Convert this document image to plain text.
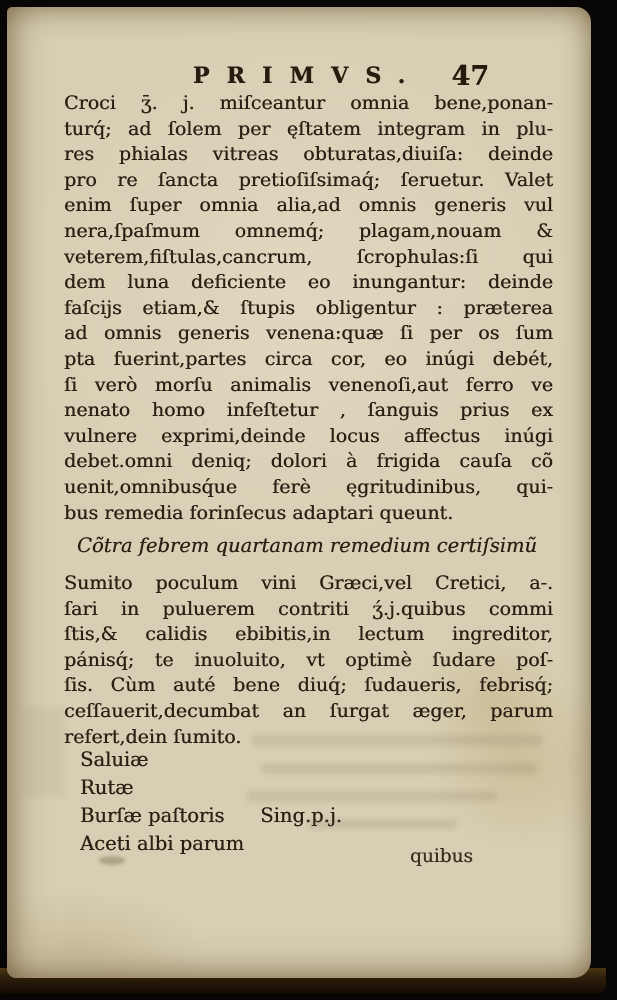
PRIMVS.	47
Croci ʒ̄. j. miſceantur omnia bene,ponan-
turq́; ad ſolem per ęſtatem integram in plu-
res phialas vitreas obturatas,diuiſa: deinde
pro re ſancta pretioſiſsimaq́; ſeruetur. Valet
enim ſuper omnia alia,ad omnis generis vul
nera,ſpaſmum omnemq́; plagam,nouam &
veterem,fiſtulas,cancrum, ſcrophulas:ſi qui
dem luna deficiente eo inungantur: deinde
faſcijs etiam,& ſtupis obligentur : præterea
ad omnis generis venena:quæ ſi per os ſum
pta fuerint,partes circa cor, eo inúgi debét,
ſi verò morſu animalis venenoſi,aut ferro ve
nenato homo infeſtetur , ſanguis prius ex
vulnere exprimi,deinde locus affectus inúgi
debet.omni deniq; dolori à frigida cauſa cõ
uenit,omnibusq́ue ferè ęgritudinibus, qui-
bus remedia forinſecus adaptari queunt.
Cõtra febrem quartanam remedium certiſsimũ
Sumito poculum vini Græci,vel Cretici, a-.
ſari in puluerem contriti ʒ́.j.quibus commi
ſtis,& calidis ebibitis,in lectum ingreditor,
pánisq́; te inuoluito, vt optimè ſudare poſ-
ſis. Cùm auté bene diuq́; ſudaueris, febrisq́;
ceſſauerit,decumbat an ſurgat æger, parum
refert,dein ſumito.
Saluiæ
Rutæ
Burſæ paſtoris Sing.p.j.
Aceti albi parum
quibus
